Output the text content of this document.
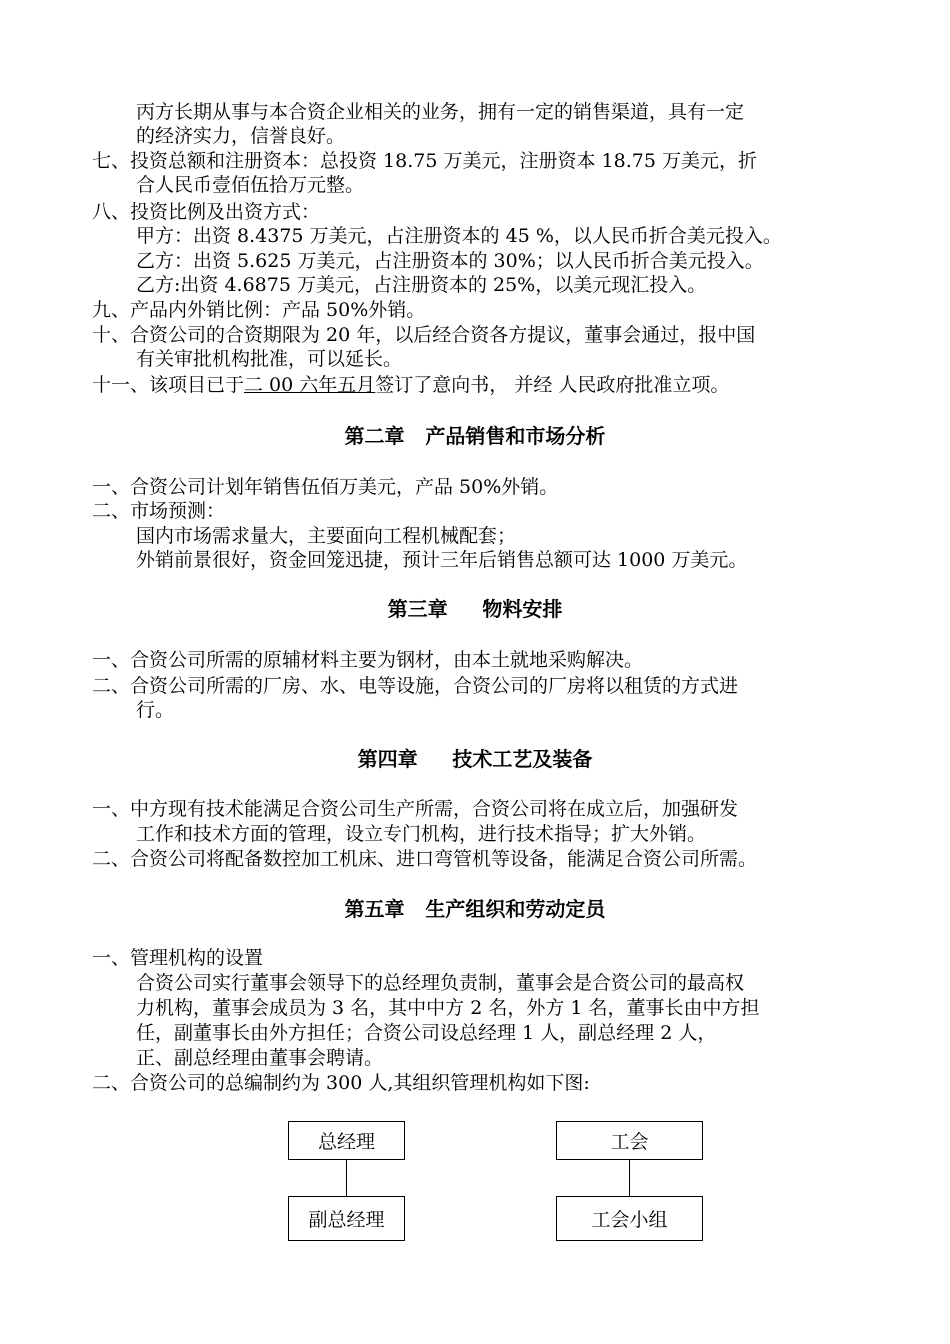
丙方长期从事与本合资企业相关的业务，拥有一定的销售渠道，具有一定
的经济实力，信誉良好。
七、投资总额和注册资本：总投资 18.75 万美元，注册资本 18.75 万美元，折
合人民币壹佰伍拾万元整。
八、投资比例及出资方式：
甲方：出资 8.4375 万美元，占注册资本的 45 %，以人民币折合美元投入。
乙方：出资 5.625 万美元，占注册资本的 30%；以人民币折合美元投入。
乙方:出资 4.6875 万美元，占注册资本的 25%，以美元现汇投入。
九、产品内外销比例：产品 50%外销。
十、合资公司的合资期限为 20 年，以后经合资各方提议，董事会通过，报中国
有关审批机构批准，可以延长。
十一、该项目已于二 00 六年五月签订了意向书， 并经 人民政府批准立项。
第二章   产品销售和市场分析
一、合资公司计划年销售伍佰万美元，产品 50%外销。
二、市场预测：
国内市场需求量大，主要面向工程机械配套；
外销前景很好，资金回笼迅捷，预计三年后销售总额可达 1000 万美元。
第三章     物料安排
一、合资公司所需的原辅材料主要为钢材，由本土就地采购解决。
二、合资公司所需的厂房、水、电等设施，合资公司的厂房将以租赁的方式进
行。
第四章     技术工艺及装备
一、中方现有技术能满足合资公司生产所需，合资公司将在成立后，加强研发
工作和技术方面的管理，设立专门机构，进行技术指导；扩大外销。
二、合资公司将配备数控加工机床、进口弯管机等设备，能满足合资公司所需。
第五章   生产组织和劳动定员
一、管理机构的设置
合资公司实行董事会领导下的总经理负责制，董事会是合资公司的最高权
力机构，董事会成员为 3 名，其中中方 2 名，外方 1 名，董事长由中方担
任，副董事长由外方担任；合资公司设总经理 1 人，副总经理 2 人，
正、副总经理由董事会聘请。
二、合资公司的总编制约为 300 人,其组织管理机构如下图:
总经理
副总经理
工会
工会小组
